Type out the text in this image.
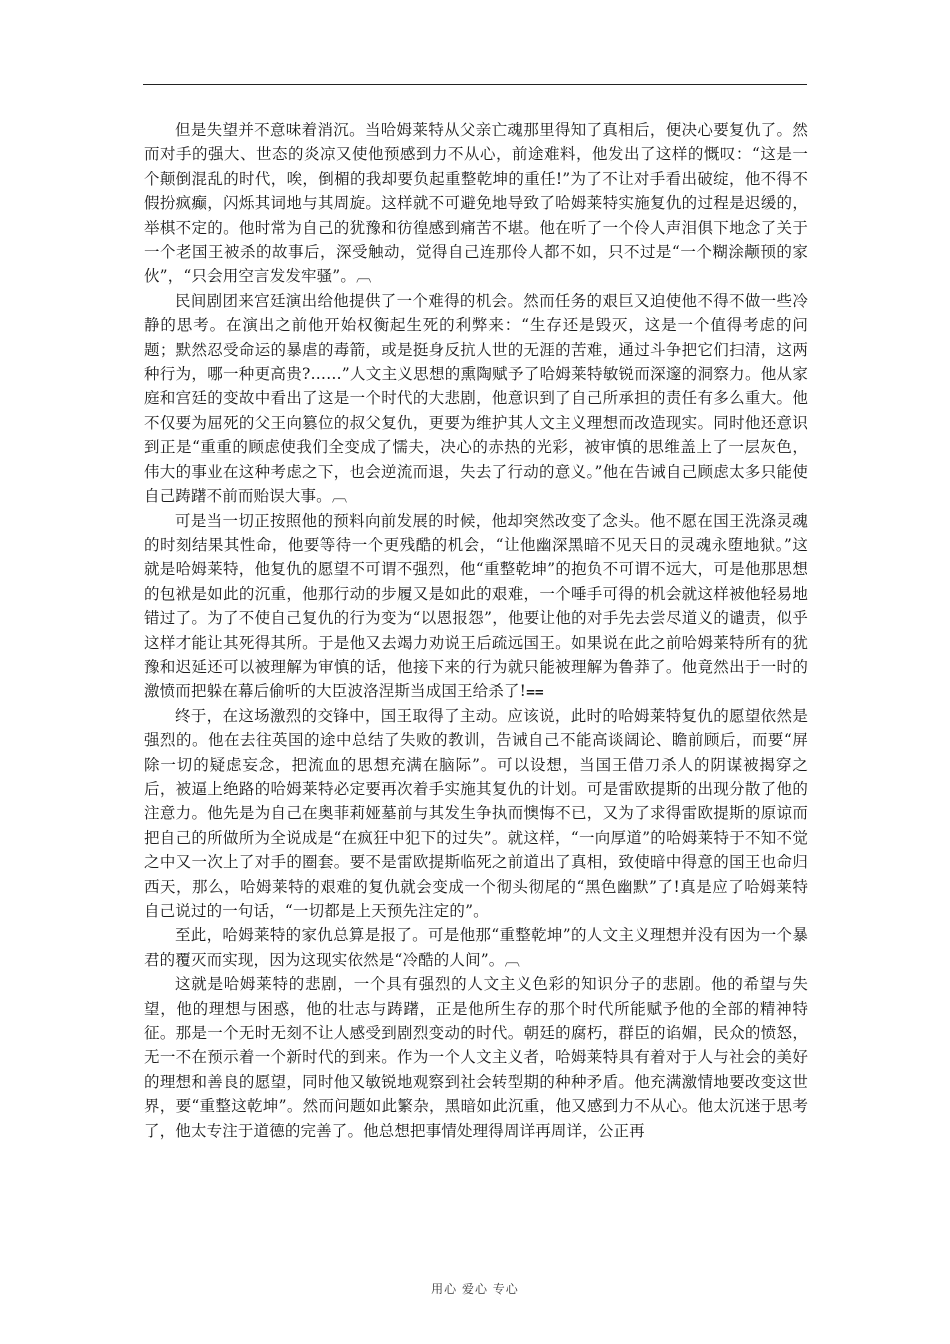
但是失望并不意味着消沉。当哈姆莱特从父亲亡魂那里得知了真相后，便决心要复仇了。然而对手的强大、世态的炎凉又使他预感到力不从心，前途难料，他发出了这样的慨叹：“这是一个颠倒混乱的时代，唉，倒楣的我却要负起重整乾坤的重任!”为了不让对手看出破绽，他不得不假扮疯癫，闪烁其词地与其周旋。这样就不可避免地导致了哈姆莱特实施复仇的过程是迟缓的，举棋不定的。他时常为自己的犹豫和彷徨感到痛苦不堪。他在听了一个伶人声泪俱下地念了关于一个老国王被杀的故事后，深受触动，觉得自己连那伶人都不如，只不过是“一个糊涂颟顸的家伙”，“只会用空言发发牢骚”。︹

民间剧团来宫廷演出给他提供了一个难得的机会。然而任务的艰巨又迫使他不得不做一些冷静的思考。在演出之前他开始权衡起生死的利弊来：“生存还是毁灭，这是一个值得考虑的问题；默然忍受命运的暴虐的毒箭，或是挺身反抗人世的无涯的苦难，通过斗争把它们扫清，这两种行为，哪一种更高贵?……”人文主义思想的熏陶赋予了哈姆莱特敏锐而深邃的洞察力。他从家庭和宫廷的变故中看出了这是一个时代的大悲剧，他意识到了自己所承担的责任有多么重大。他不仅要为屈死的父王向篡位的叔父复仇，更要为维护其人文主义理想而改造现实。同时他还意识到正是“重重的顾虑使我们全变成了懦夫，决心的赤热的光彩，被审慎的思维盖上了一层灰色，伟大的事业在这种考虑之下，也会逆流而退，失去了行动的意义。”他在告诫自己顾虑太多只能使自己踌躇不前而贻误大事。︹

可是当一切正按照他的预料向前发展的时候，他却突然改变了念头。他不愿在国王洗涤灵魂的时刻结果其性命，他要等待一个更残酷的机会，“让他幽深黑暗不见天日的灵魂永堕地狱。”这就是哈姆莱特，他复仇的愿望不可谓不强烈，他“重整乾坤”的抱负不可谓不远大，可是他那思想的包袱是如此的沉重，他那行动的步履又是如此的艰难，一个唾手可得的机会就这样被他轻易地错过了。为了不使自己复仇的行为变为“以恩报怨”，他要让他的对手先去尝尽道义的谴责，似乎这样才能让其死得其所。于是他又去竭力劝说王后疏远国王。如果说在此之前哈姆莱特所有的犹豫和迟延还可以被理解为审慎的话，他接下来的行为就只能被理解为鲁莽了。他竟然出于一时的激愤而把躲在幕后偷听的大臣波洛涅斯当成国王给杀了!⩵

终于，在这场激烈的交锋中，国王取得了主动。应该说，此时的哈姆莱特复仇的愿望依然是强烈的。他在去往英国的途中总结了失败的教训，告诫自己不能高谈阔论、瞻前顾后，而要“屏除一切的疑虑妄念，把流血的思想充满在脑际”。可以设想，当国王借刀杀人的阴谋被揭穿之后，被逼上绝路的哈姆莱特必定要再次着手实施其复仇的计划。可是雷欧提斯的出现分散了他的注意力。他先是为自己在奥菲莉娅墓前与其发生争执而懊悔不已，又为了求得雷欧提斯的原谅而把自己的所做所为全说成是“在疯狂中犯下的过失”。就这样，“一向厚道”的哈姆莱特于不知不觉之中又一次上了对手的圈套。要不是雷欧提斯临死之前道出了真相，致使暗中得意的国王也命归西天，那么，哈姆莱特的艰难的复仇就会变成一个彻头彻尾的“黑色幽默”了!真是应了哈姆莱特自己说过的一句话，“一切都是上天预先注定的”。

至此，哈姆莱特的家仇总算是报了。可是他那“重整乾坤”的人文主义理想并没有因为一个暴君的覆灭而实现，因为这现实依然是“冷酷的人间”。︹

这就是哈姆莱特的悲剧，一个具有强烈的人文主义色彩的知识分子的悲剧。他的希望与失望，他的理想与困惑，他的壮志与踌躇，正是他所生存的那个时代所能赋予他的全部的精神特征。那是一个无时无刻不让人感受到剧烈变动的时代。朝廷的腐朽，群臣的谄媚，民众的愤怒，无一不在预示着一个新时代的到来。作为一个人文主义者，哈姆莱特具有着对于人与社会的美好的理想和善良的愿望，同时他又敏锐地观察到社会转型期的种种矛盾。他充满激情地要改变这世界，要“重整这乾坤”。然而问题如此繁杂，黑暗如此沉重，他又感到力不从心。他太沉迷于思考了，他太专注于道德的完善了。他总想把事情处理得周详再周详，公正再

用心 爱心 专心
